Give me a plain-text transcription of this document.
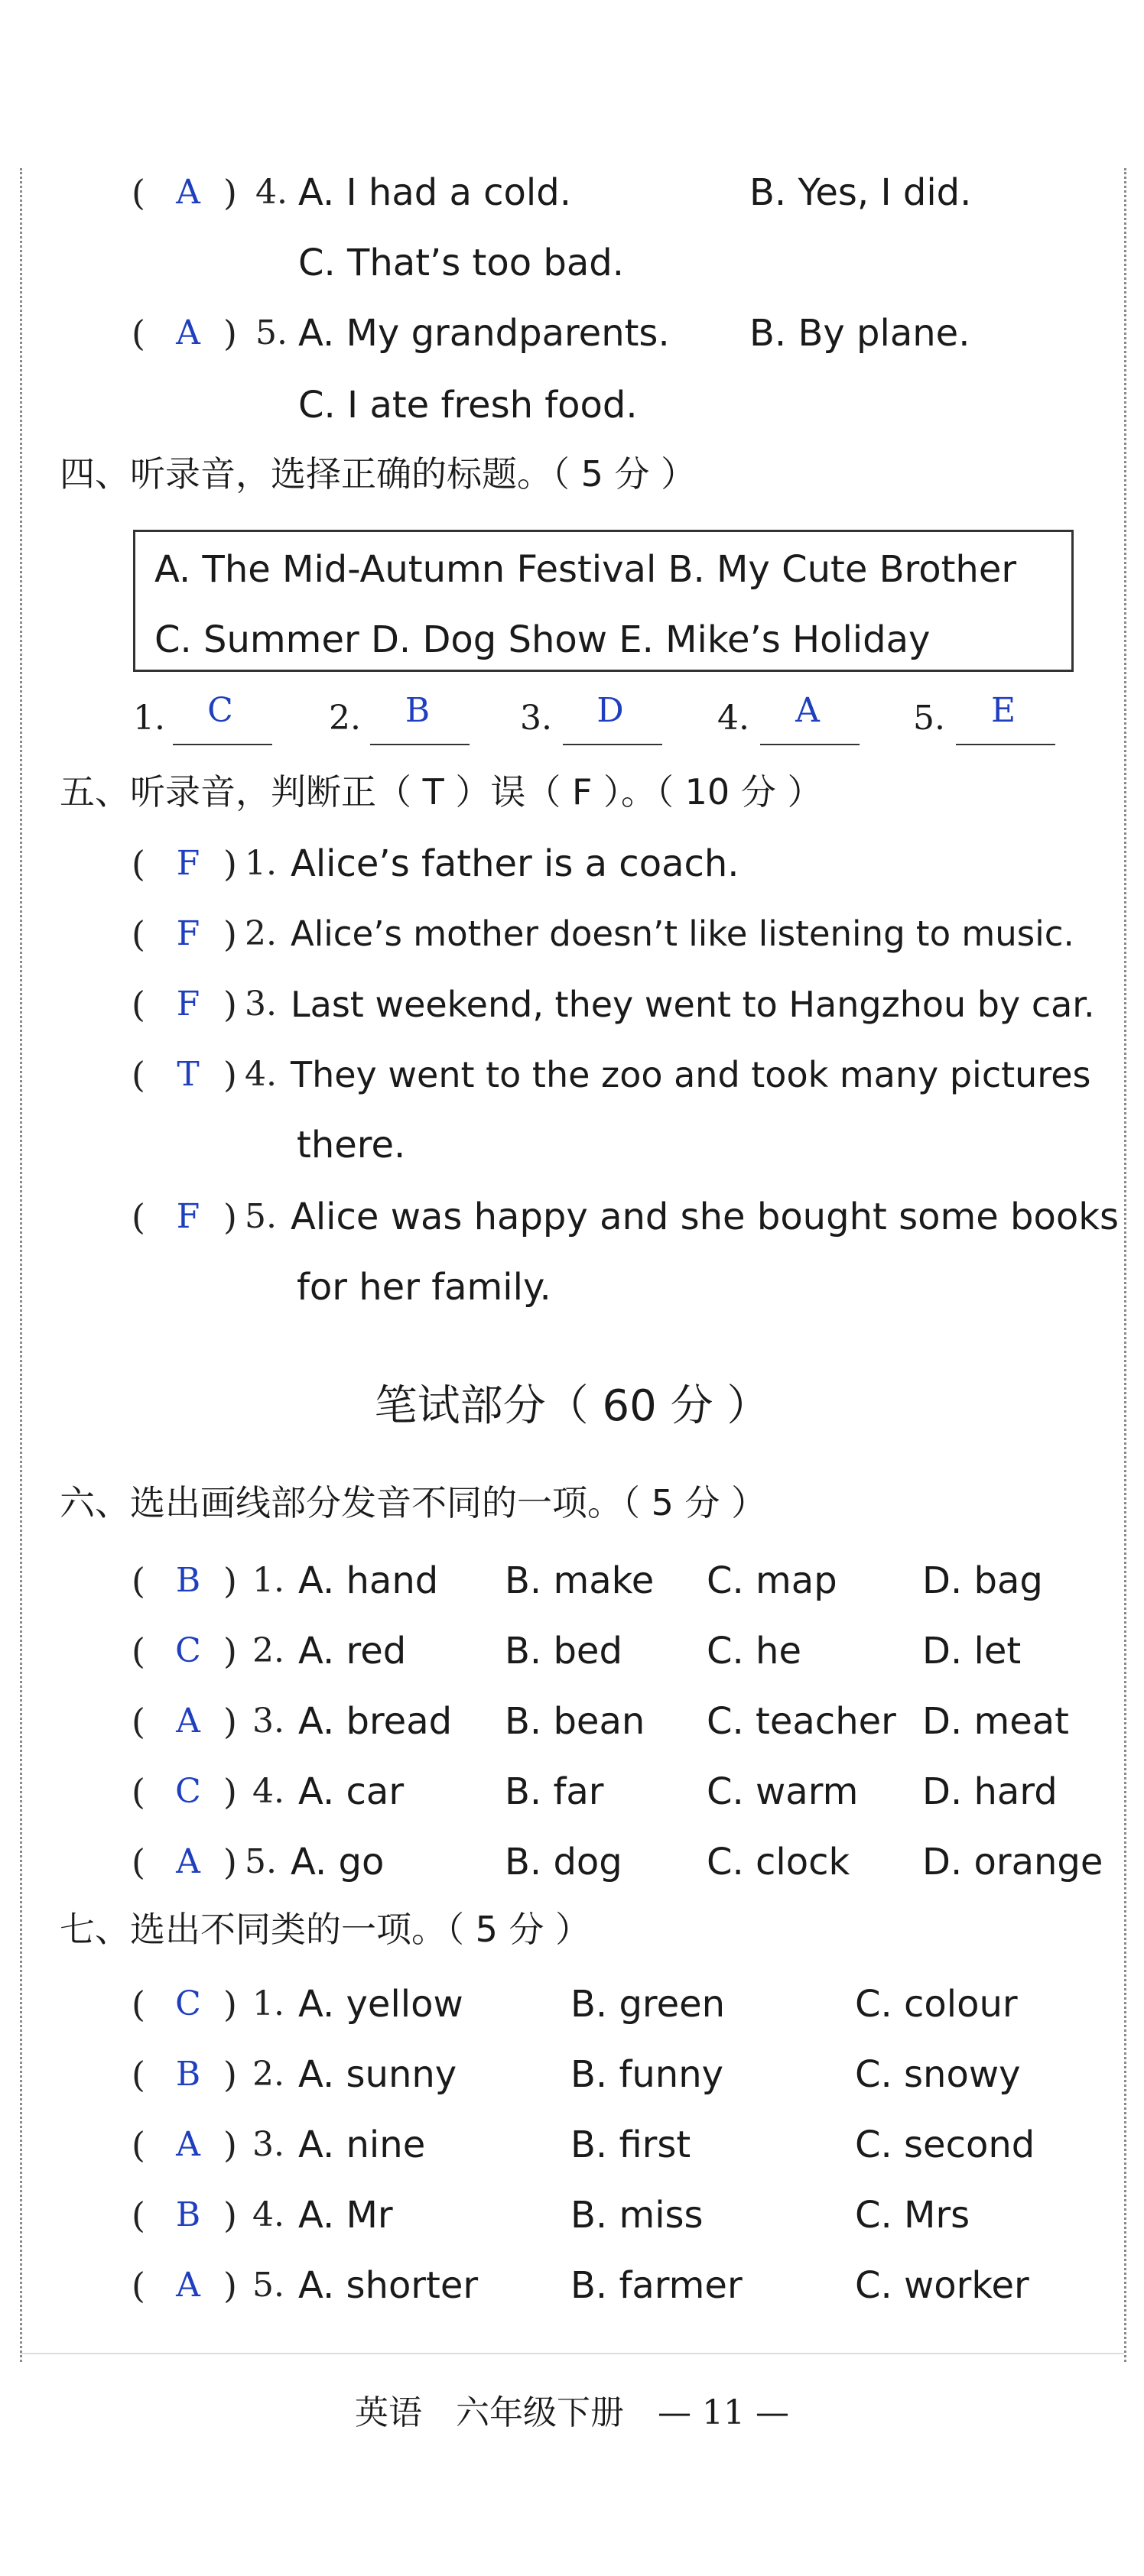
( A ) 4. A. I had a cold.	B. Yes, I did.
C. That’s too bad.
( A ) 5. A. My grandparents. B. By plane.
C. I ate fresh food.
四、听录音，选择正确的标题。（ 5 分 ）
A. The Mid-Autumn Festival B. My Cute Brother
C. Summer D. Dog Show E. Mike’s Holiday
1.	C	2.	B	3.	D	4.	A	5.	E
五、听录音，判断正（ T ）误（ F ）。（ 10 分 ）
( F ) 1. Alice’s father is a coach.
( F ) 2. Alice’s mother doesn’t like listening to music.
( F ) 3. Last weekend, they went to Hangzhou by car.
( T ) 4. They went to the zoo and took many pictures
there.
( F ) 5. Alice was happy and she bought some books
for her family.
笔试部分（ 60 分 ）
六、选出画线部分发音不同的一项。（ 5 分 ）
( B ) 1. A. hand B. make C. map D. bag
( C ) 2. A. red	B. bed C. he	D. let
( A ) 3. A. bread B. bean C. teacher D. meat
( C ) 4. A. car	B. far	C. warm D. hard
( A ) 5. A. go	B. dog C. clock D. orange
七、选出不同类的一项。（ 5 分 ）
( C ) 1. A. yellow	B. green	C. colour
( B ) 2. A. sunny	B. funny	C. snowy
( A ) 3. A. nine	B. first	C. second
( B ) 4. A. Mr	B. miss	C. Mrs
( A ) 5. A. shorter	B. farmer	C. worker
英语　六年级下册　— 11 —
